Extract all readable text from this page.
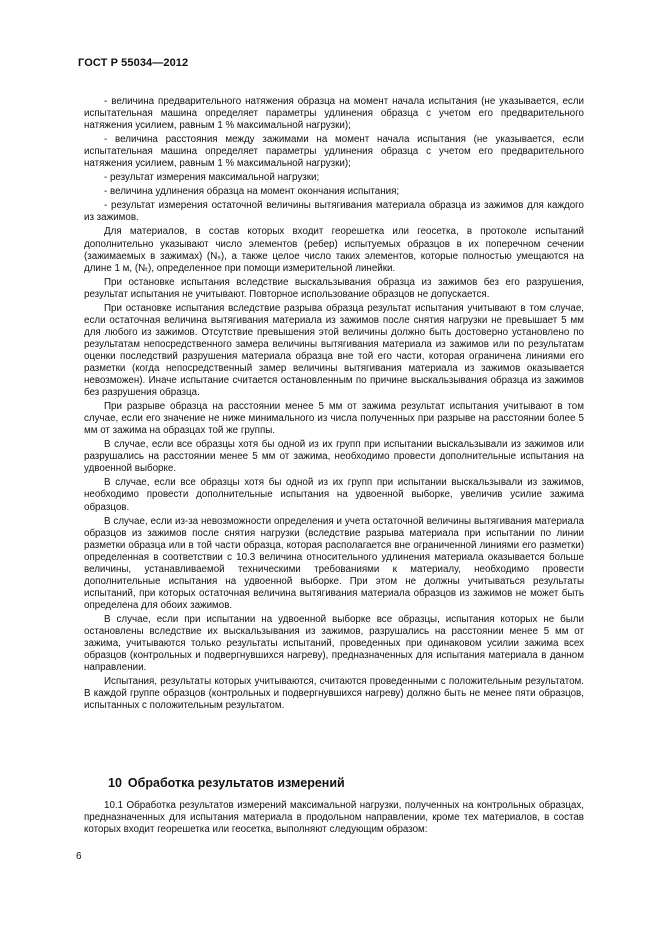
ГОСТ Р 55034—2012

- величина предварительного натяжения образца на момент начала испытания (не указывается, если испытательная машина определяет параметры удлинения образца с учетом его предварительного натяжения усилием, равным 1 % максимальной нагрузки);

- величина расстояния между зажимами на момент начала испытания (не указывается, если испытательная машина определяет параметры удлинения образца с учетом его предварительного натяжения усилием, равным 1 % максимальной нагрузки);

- результат измерения максимальной нагрузки;

- величина удлинения образца на момент окончания испытания;

- результат измерения остаточной величины вытягивания материала образца из зажимов для каждого из зажимов.

Для материалов, в состав которых входит георешетка или геосетка, в протоколе испытаний дополнительно указывают число элементов (ребер) испытуемых образцов в их поперечном сечении (зажимаемых в зажимах) (Nₛ), а также целое число таких элементов, которые полностью умещаются на длине 1 м, (Nₜ), определенное при помощи измерительной линейки.

При остановке испытания вследствие выскальзывания образца из зажимов без его разрушения, результат испытания не учитывают. Повторное использование образцов не допускается.

При остановке испытания вследствие разрыва образца результат испытания учитывают в том случае, если остаточная величина вытягивания материала из зажимов после снятия нагрузки не превышает 5 мм для любого из зажимов. Отсутствие превышения этой величины должно быть достоверно установлено по результатам непосредственного замера величины вытягивания материала из зажимов или по результатам оценки последствий разрушения материала образца вне той его части, которая ограничена линиями его разметки (когда непосредственный замер величины вытягивания материала из зажимов оказывается невозможен). Иначе испытание считается остановленным по причине выскальзывания образца из зажимов без разрушения образца.

При разрыве образца на расстоянии менее 5 мм от зажима результат испытания учитывают в том случае, если его значение не ниже минимального из числа полученных при разрыве на расстоянии более 5 мм от зажима на образцах той же группы.

В случае, если все образцы хотя бы одной из их групп при испытании выскальзывали из зажимов или разрушались на расстоянии менее 5 мм от зажима, необходимо провести дополнительные испытания на удвоенной выборке.

В случае, если все образцы хотя бы одной из их групп при испытании выскальзывали из зажимов, необходимо провести дополнительные испытания на удвоенной выборке, увеличив усилие зажима образцов.

В случае, если из-за невозможности определения и учета остаточной величины вытягивания материала образцов из зажимов после снятия нагрузки (вследствие разрыва материала при испытании по линии разметки образца или в той части образца, которая располагается вне ограниченной линиями его разметки) определенная в соответствии с 10.3 величина относительного удлинения материала оказывается больше величины, устанавливаемой техническими требованиями к материалу, необходимо провести дополнительные испытания на удвоенной выборке. При этом не должны учитываться результаты испытаний, при которых остаточная величина вытягивания материала образцов из зажимов не может быть определена для обоих зажимов.

В случае, если при испытании на удвоенной выборке все образцы, испытания которых не были остановлены вследствие их выскальзывания из зажимов, разрушались на расстоянии менее 5 мм от зажима, учитываются только результаты испытаний, проведенных при одинаковом усилии зажима всех образцов (контрольных и подвергнувшихся нагреву), предназначенных для испытания материала в данном направлении.

Испытания, результаты которых учитываются, считаются проведенными с положительным результатом. В каждой группе образцов (контрольных и подвергнувшихся нагреву) должно быть не менее пяти образцов, испытанных с положительным результатом.

10 Обработка результатов измерений

10.1 Обработка результатов измерений максимальной нагрузки, полученных на контрольных образцах, предназначенных для испытания материала в продольном направлении, кроме тех материалов, в состав которых входит георешетка или геосетка, выполняют следующим образом:

6
